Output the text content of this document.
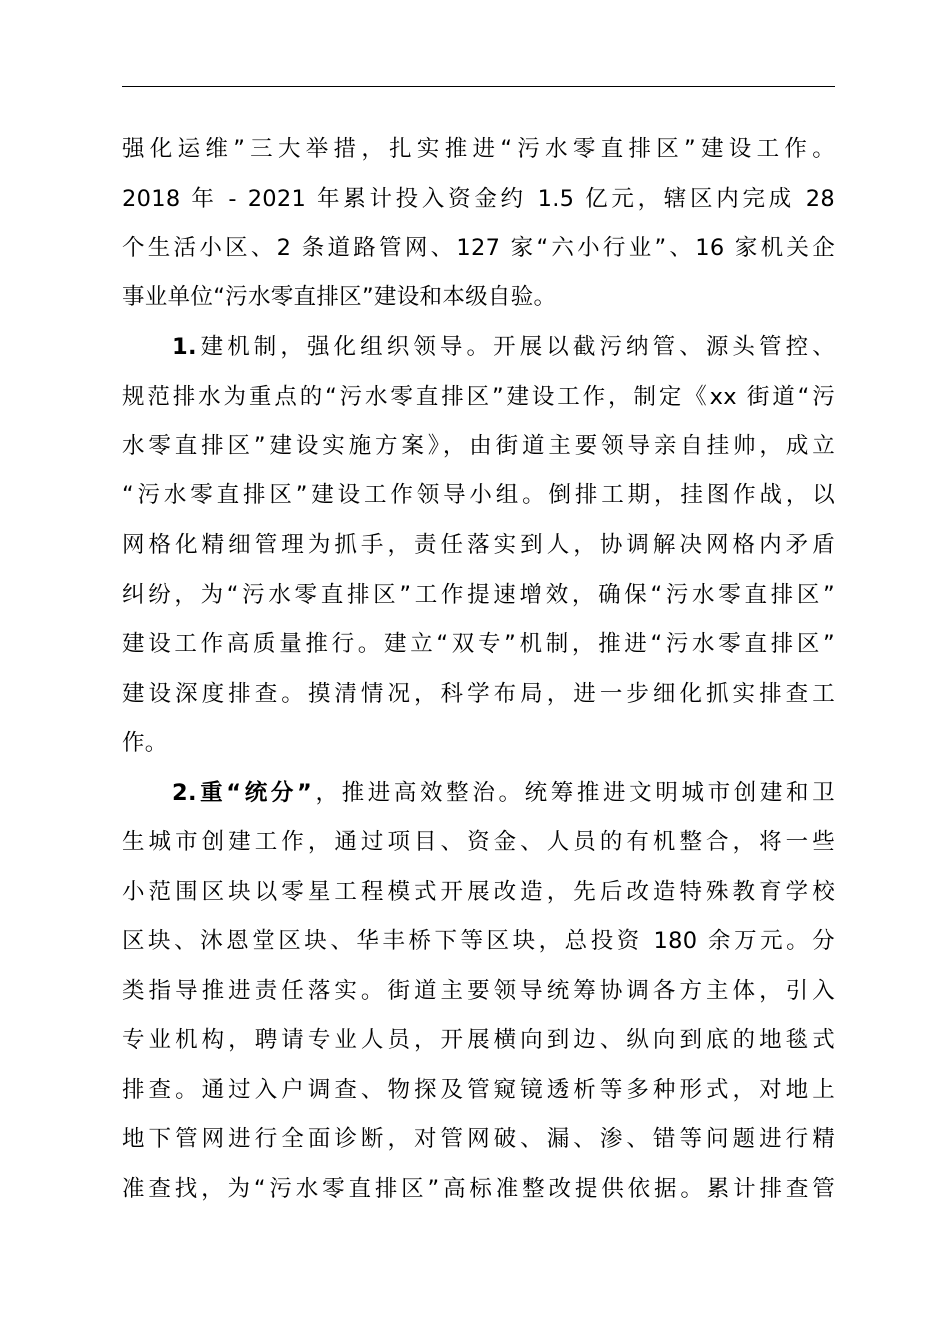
强化运维”三大举措，扎实推进“污水零直排区”建设工作。
2018 年 - 2021 年累计投入资金约 1.5 亿元，辖区内完成 28
个生活小区、2 条道路管网、127 家“六小行业”、16 家机关企
事业单位“污水零直排区”建设和本级自验。
1.建机制，强化组织领导。开展以截污纳管、源头管控、
规范排水为重点的“污水零直排区”建设工作，制定《xx 街道“污
水零直排区”建设实施方案》，由街道主要领导亲自挂帅，成立
“污水零直排区”建设工作领导小组。倒排工期，挂图作战，以
网格化精细管理为抓手，责任落实到人，协调解决网格内矛盾
纠纷，为“污水零直排区”工作提速增效，确保“污水零直排区”
建设工作高质量推行。建立“双专”机制，推进“污水零直排区”
建设深度排查。摸清情况，科学布局，进一步细化抓实排查工
作。
2.重“统分”，推进高效整治。统筹推进文明城市创建和卫
生城市创建工作，通过项目、资金、人员的有机整合，将一些
小范围区块以零星工程模式开展改造，先后改造特殊教育学校
区块、沐恩堂区块、华丰桥下等区块，总投资 180 余万元。分
类指导推进责任落实。街道主要领导统筹协调各方主体，引入
专业机构，聘请专业人员，开展横向到边、纵向到底的地毯式
排查。通过入户调查、物探及管窥镜透析等多种形式，对地上
地下管网进行全面诊断，对管网破、漏、渗、错等问题进行精
准查找，为“污水零直排区”高标准整改提供依据。累计排查管
